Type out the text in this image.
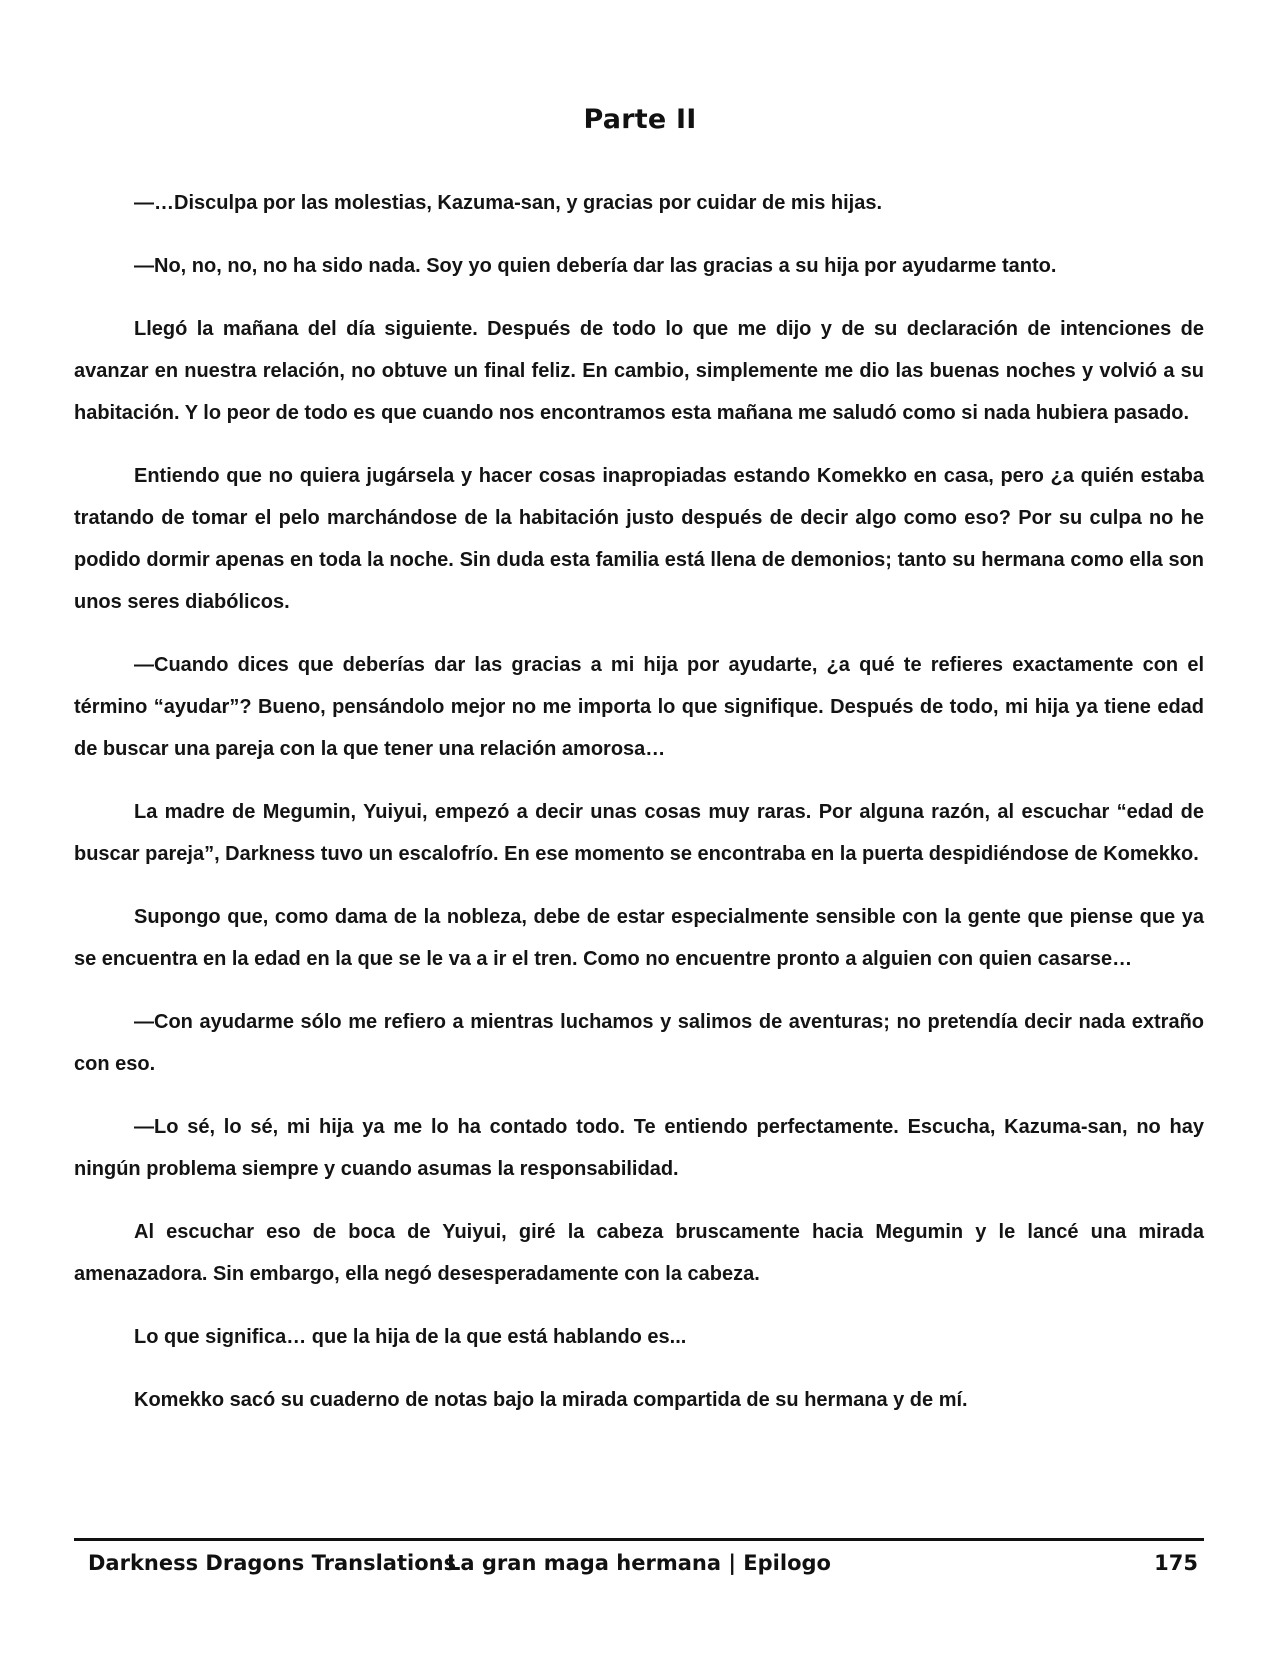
Parte II

—…Disculpa por las molestias, Kazuma-san, y gracias por cuidar de mis hijas.

—No, no, no, no ha sido nada. Soy yo quien debería dar las gracias a su hija por ayudarme tanto.

Llegó la mañana del día siguiente. Después de todo lo que me dijo y de su declaración de intenciones de avanzar en nuestra relación, no obtuve un final feliz. En cambio, simplemente me dio las buenas noches y volvió a su habitación. Y lo peor de todo es que cuando nos encontramos esta mañana me saludó como si nada hubiera pasado.

Entiendo que no quiera jugársela y hacer cosas inapropiadas estando Komekko en casa, pero ¿a quién estaba tratando de tomar el pelo marchándose de la habitación justo después de decir algo como eso? Por su culpa no he podido dormir apenas en toda la noche. Sin duda esta familia está llena de demonios; tanto su hermana como ella son unos seres diabólicos.

—Cuando dices que deberías dar las gracias a mi hija por ayudarte, ¿a qué te refieres exactamente con el término “ayudar”? Bueno, pensándolo mejor no me importa lo que signifique. Después de todo, mi hija ya tiene edad de buscar una pareja con la que tener una relación amorosa…

La madre de Megumin, Yuiyui, empezó a decir unas cosas muy raras. Por alguna razón, al escuchar “edad de buscar pareja”, Darkness tuvo un escalofrío. En ese momento se encontraba en la puerta despidiéndose de Komekko.

Supongo que, como dama de la nobleza, debe de estar especialmente sensible con la gente que piense que ya se encuentra en la edad en la que se le va a ir el tren. Como no encuentre pronto a alguien con quien casarse…

—Con ayudarme sólo me refiero a mientras luchamos y salimos de aventuras; no pretendía decir nada extraño con eso.

—Lo sé, lo sé, mi hija ya me lo ha contado todo. Te entiendo perfectamente. Escucha, Kazuma-san, no hay ningún problema siempre y cuando asumas la responsabilidad.

Al escuchar eso de boca de Yuiyui, giré la cabeza bruscamente hacia Megumin y le lancé una mirada amenazadora. Sin embargo, ella negó desesperadamente con la cabeza.

Lo que significa… que la hija de la que está hablando es...

Komekko sacó su cuaderno de notas bajo la mirada compartida de su hermana y de mí.

Darkness Dragons Translations
La gran maga hermana | Epilogo	175
